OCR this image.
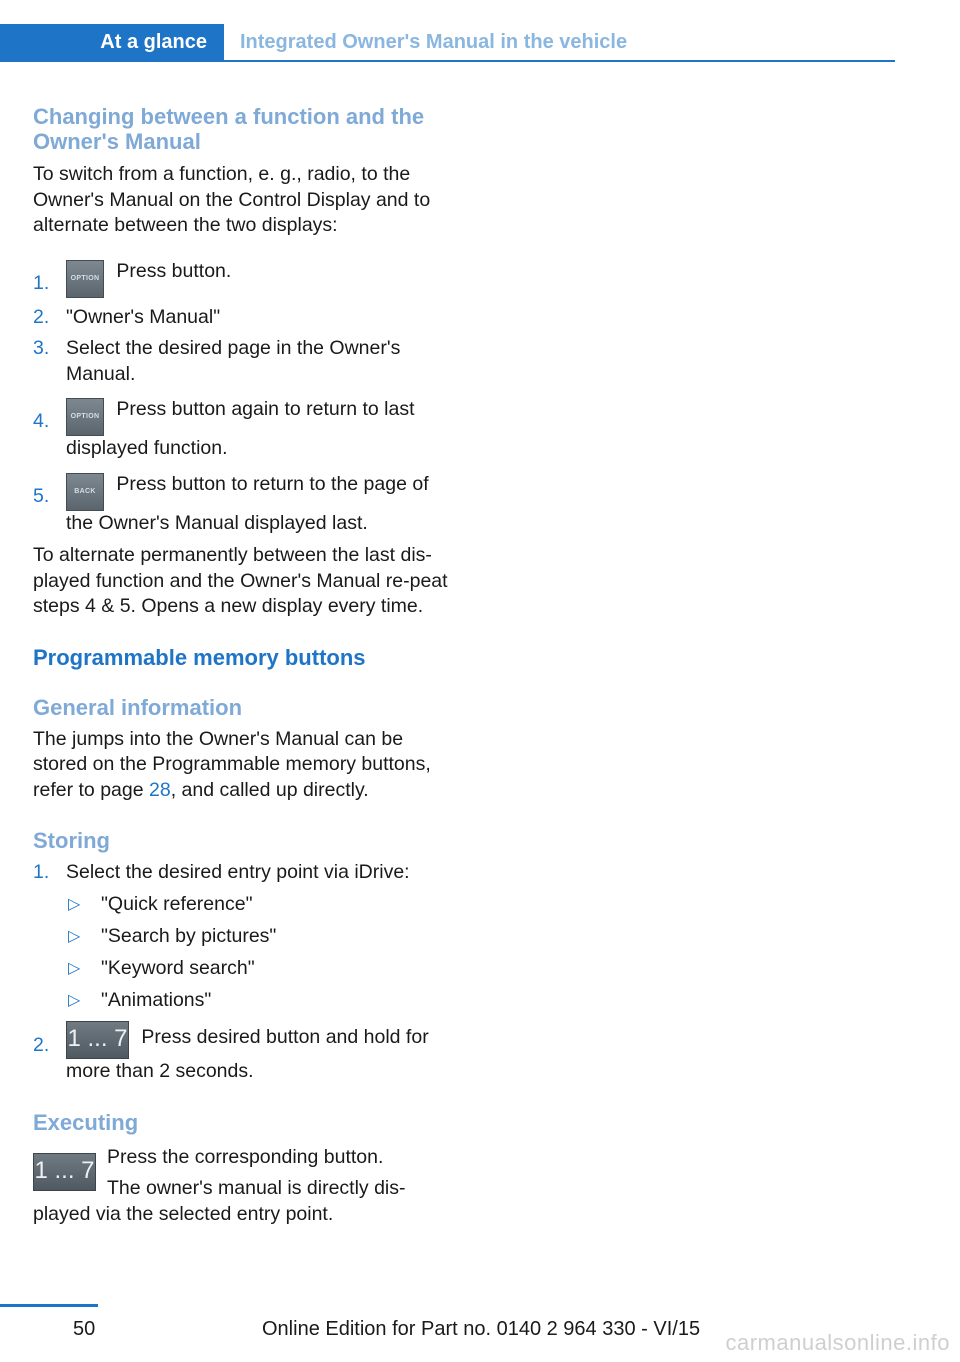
At a glance	Integrated Owner's Manual in the vehicle
Changing between a function and the Owner's Manual

To switch from a function, e. g., radio, to the Owner's Manual on the Control Display and to alternate between the two displays:

1.	OPTION Press button.
2. "Owner's Manual"
3. Select the desired page in the Owner's Manual.
4.	OPTION Press button again to return to last displayed function.
5.	BACK Press button to return to the page of the Owner's Manual displayed last.

To alternate permanently between the last dis‐played function and the Owner's Manual re‐peat steps 4 & 5. Opens a new display every time.

Programmable memory buttons
General information

The jumps into the Owner's Manual can be stored on the Programmable memory buttons, refer to page 28, and called up directly.

Storing
1. Select the desired entry point via iDrive:
▷ "Quick reference"
▷ "Search by pictures"
▷ "Keyword search"
▷ "Animations"
2. 1 ... 7 Press desired button and hold for more than 2 seconds.
Executing
1 ... 7 Press the corresponding button.

The owner's manual is directly dis‐

played via the selected entry point.

50	Online Edition for Part no. 0140 2 964 330 - VI/15
carmanualsonline.info
